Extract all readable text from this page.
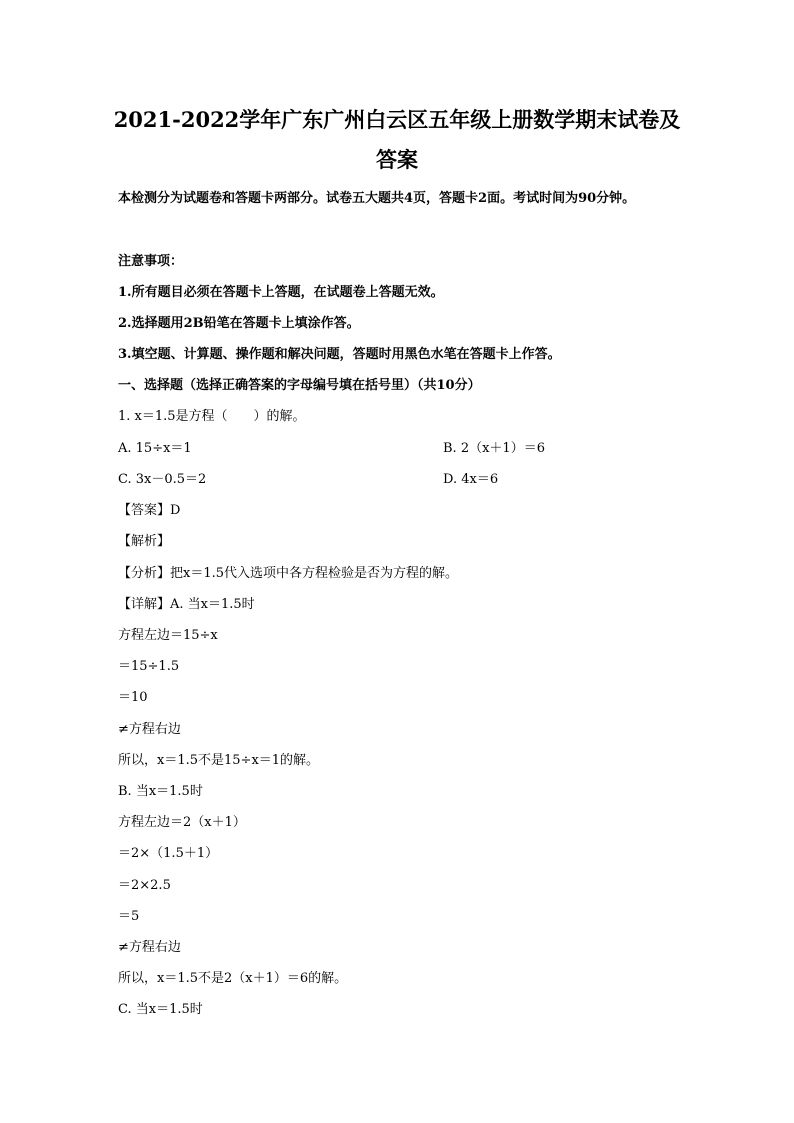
2021-2022学年广东广州白云区五年级上册数学期末试卷及
答案
本检测分为试题卷和答题卡两部分。试卷五大题共4页，答题卡2面。考试时间为90分钟。
注意事项：
1.所有题目必须在答题卡上答题，在试题卷上答题无效。
2.选择题用2B铅笔在答题卡上填涂作答。
3.填空题、计算题、操作题和解决问题，答题时用黑色水笔在答题卡上作答。
一、选择题（选择正确答案的字母编号填在括号里）（共10分）
1. x＝1.5是方程（　　）的解。
A. 15÷x＝1	B. 2（x＋1）＝6
C. 3x－0.5＝2	D. 4x＝6
【答案】D
【解析】
【分析】把x＝1.5代入选项中各方程检验是否为方程的解。
【详解】A. 当x＝1.5时
方程左边＝15÷x
＝15÷1.5
＝10
≠方程右边
所以，x＝1.5不是15÷x＝1的解。
B. 当x＝1.5时
方程左边＝2（x＋1）
＝2×（1.5＋1）
＝2×2.5
＝5
≠方程右边
所以，x＝1.5不是2（x＋1）＝6的解。
C. 当x＝1.5时
